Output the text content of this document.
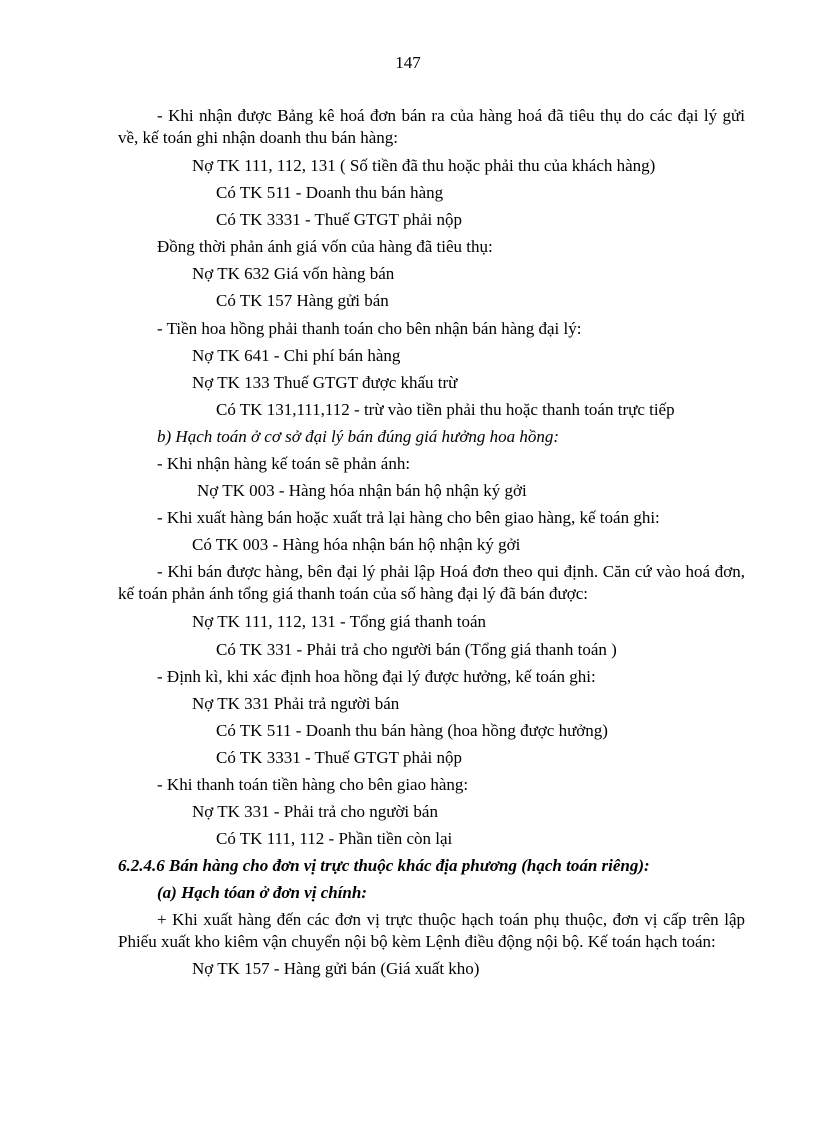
147
- Khi nhận được Bảng kê hoá đơn bán ra của hàng hoá đã tiêu thụ do các đại lý gửi về, kế toán ghi nhận doanh thu bán hàng:
Nợ TK 111, 112, 131 ( Số tiền đã thu hoặc phải thu của khách hàng)
Có TK 511 - Doanh thu bán hàng
Có TK 3331 - Thuế GTGT phải nộp
Đồng thời phản ánh giá vốn của hàng đã tiêu thụ:
Nợ TK 632 Giá vốn hàng bán
Có TK 157 Hàng gửi bán
- Tiền hoa hồng phải thanh toán cho bên nhận bán hàng đại lý:
Nợ TK 641 - Chi phí bán hàng
Nợ TK 133 Thuế GTGT được khấu trừ
Có TK 131,111,112 - trừ vào tiền phải thu hoặc thanh toán trực tiếp
b) Hạch toán ở cơ sở đại lý bán đúng giá hưởng hoa hồng:
- Khi nhận hàng kế toán sẽ phản ánh:
Nợ TK 003 - Hàng hóa nhận bán hộ nhận ký gởi
- Khi xuất hàng bán hoặc xuất trả lại hàng cho bên giao hàng, kế toán ghi:
Có TK 003 - Hàng hóa nhận bán hộ nhận ký gởi
- Khi bán được hàng, bên đại lý phải lập Hoá đơn theo qui định. Căn cứ vào hoá đơn, kế toán phản ánh tổng giá thanh toán của số hàng đại lý đã bán được:
Nợ TK 111, 112, 131 - Tổng giá thanh toán
Có TK 331 - Phải trả cho người bán (Tổng giá thanh toán )
- Định kì, khi xác định hoa hồng đại lý được hưởng, kế toán ghi:
Nợ TK 331 Phải trả người bán
Có TK 511 - Doanh thu bán hàng (hoa hồng được hưởng)
Có TK 3331 - Thuế GTGT phải nộp
- Khi thanh toán tiền hàng cho bên giao hàng:
Nợ TK 331 - Phải trả cho người bán
Có TK 111, 112 - Phần tiền còn lại
6.2.4.6 Bán hàng cho đơn vị trực thuộc khác địa phương (hạch toán riêng):
(a) Hạch tóan ở đơn vị chính:
+ Khi xuất hàng đến các đơn vị trực thuộc hạch toán phụ thuộc, đơn vị cấp trên lập Phiếu xuất kho kiêm vận chuyển nội bộ kèm Lệnh điều động nội bộ. Kế toán hạch toán:
Nợ TK 157 - Hàng gửi bán (Giá xuất kho)
